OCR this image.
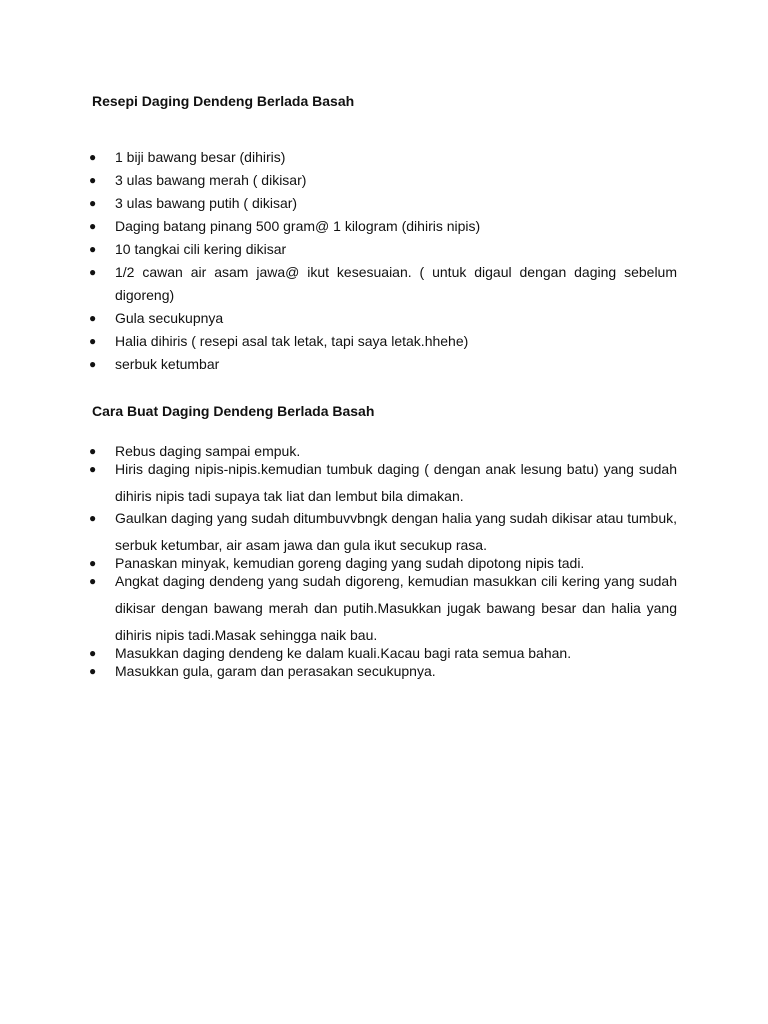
Resepi Daging Dendeng Berlada Basah
● 1 biji bawang besar (dihiris)
● 3 ulas bawang merah ( dikisar)
● 3 ulas bawang putih ( dikisar)
● Daging batang pinang 500 gram@ 1 kilogram (dihiris nipis)
● 10 tangkai cili kering dikisar
● 1/2 cawan air asam jawa@ ikut kesesuaian. ( untuk digaul dengan daging sebelum digoreng)
● Gula secukupnya
● Halia dihiris ( resepi asal tak letak, tapi saya letak.hhehe)
● serbuk ketumbar
Cara Buat Daging Dendeng Berlada Basah
● Rebus daging sampai empuk.
● Hiris daging nipis-nipis.kemudian tumbuk daging ( dengan anak lesung batu) yang sudah dihiris nipis tadi supaya tak liat dan lembut bila dimakan.
● Gaulkan daging yang sudah ditumbuvvbngk dengan halia yang sudah dikisar atau tumbuk, serbuk ketumbar, air asam jawa dan gula ikut secukup rasa.
● Panaskan minyak, kemudian goreng daging yang sudah dipotong nipis tadi.
● Angkat daging dendeng yang sudah digoreng, kemudian masukkan cili kering yang sudah dikisar dengan bawang merah dan putih.Masukkan jugak bawang besar dan halia yang dihiris nipis tadi.Masak sehingga naik bau.
● Masukkan daging dendeng ke dalam kuali.Kacau bagi rata semua bahan.
● Masukkan gula, garam dan perasakan secukupnya.
